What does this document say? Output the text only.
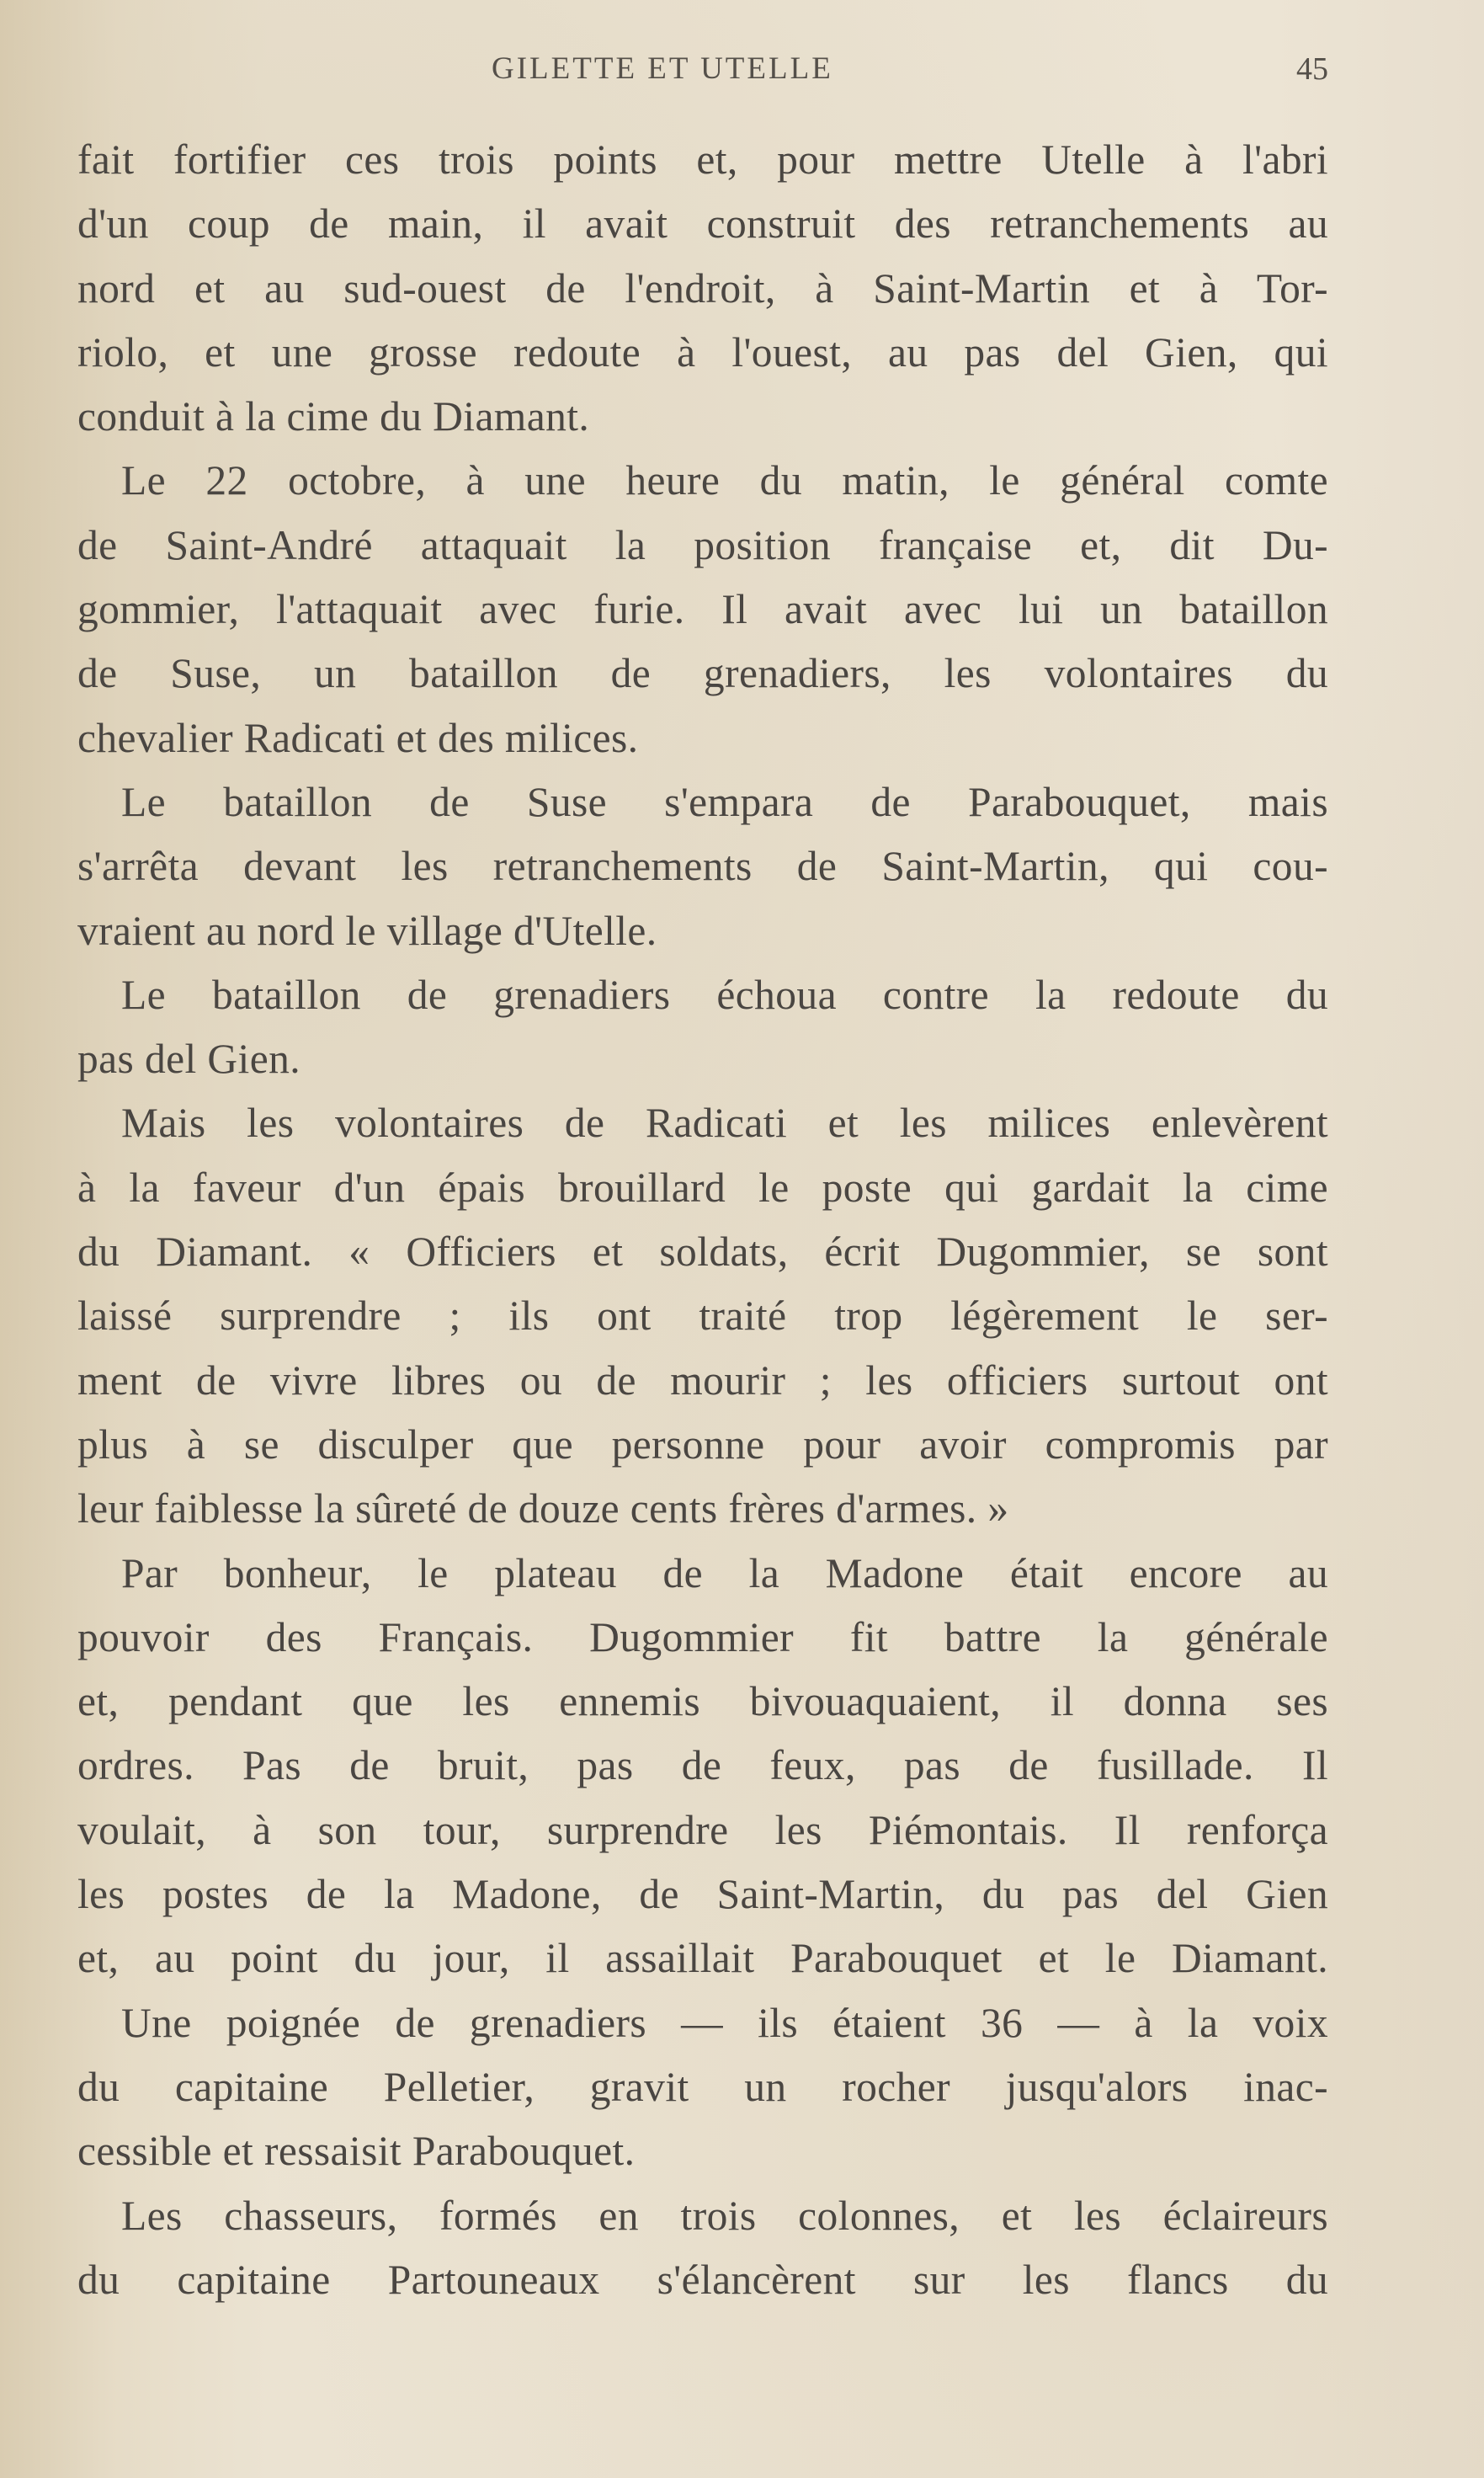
GILETTE ET UTELLE	45
fait fortifier ces trois points et, pour mettre Utelle à l'abri
d'un coup de main, il avait construit des retranchements au
nord et au sud-ouest de l'endroit, à Saint-Martin et à Tor-
riolo, et une grosse redoute à l'ouest, au pas del Gien, qui
conduit à la cime du Diamant.
Le 22 octobre, à une heure du matin, le général comte
de Saint-André attaquait la position française et, dit Du-
gommier, l'attaquait avec furie. Il avait avec lui un bataillon
de Suse, un bataillon de grenadiers, les volontaires du
chevalier Radicati et des milices.
Le bataillon de Suse s'empara de Parabouquet, mais
s'arrêta devant les retranchements de Saint-Martin, qui cou-
vraient au nord le village d'Utelle.
Le bataillon de grenadiers échoua contre la redoute du
pas del Gien.
Mais les volontaires de Radicati et les milices enlevèrent
à la faveur d'un épais brouillard le poste qui gardait la cime
du Diamant. « Officiers et soldats, écrit Dugommier, se sont
laissé surprendre ; ils ont traité trop légèrement le ser-
ment de vivre libres ou de mourir ; les officiers surtout ont
plus à se disculper que personne pour avoir compromis par
leur faiblesse la sûreté de douze cents frères d'armes. »
Par bonheur, le plateau de la Madone était encore au
pouvoir des Français. Dugommier fit battre la générale
et, pendant que les ennemis bivouaquaient, il donna ses
ordres. Pas de bruit, pas de feux, pas de fusillade. Il
voulait, à son tour, surprendre les Piémontais. Il renforça
les postes de la Madone, de Saint-Martin, du pas del Gien
et, au point du jour, il assaillait Parabouquet et le Diamant.
Une poignée de grenadiers — ils étaient 36 — à la voix
du capitaine Pelletier, gravit un rocher jusqu'alors inac-
cessible et ressaisit Parabouquet.
Les chasseurs, formés en trois colonnes, et les éclaireurs
du capitaine Partouneaux s'élancèrent sur les flancs du
